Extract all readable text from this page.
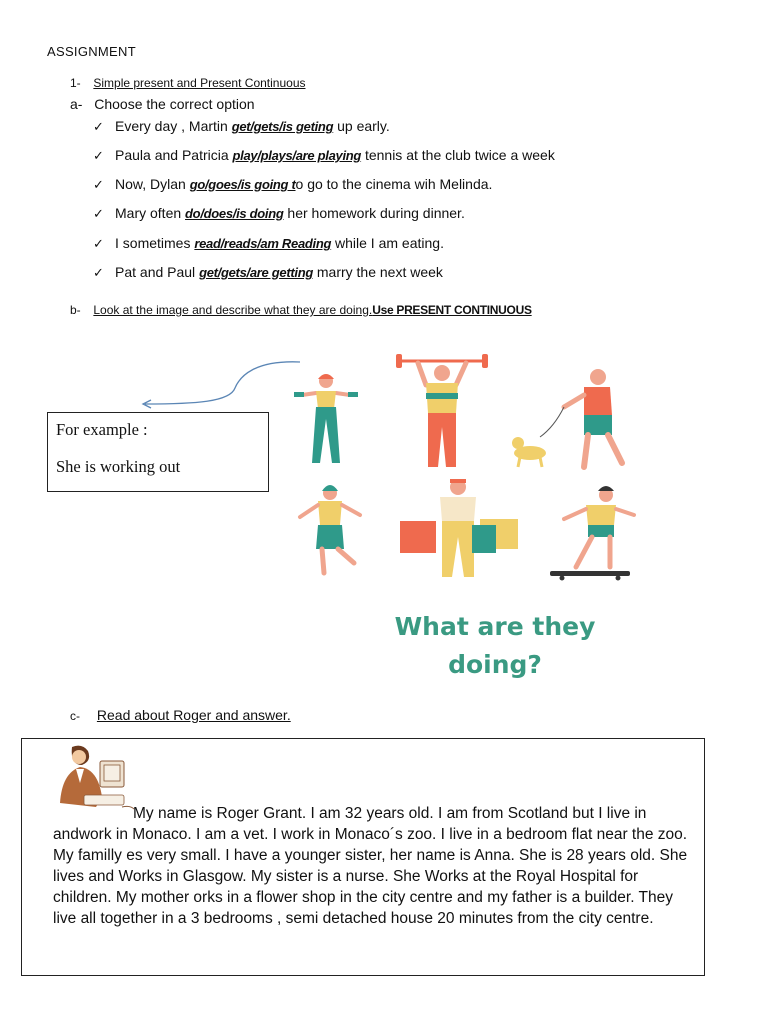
ASSIGNMENT
1- Simple present and Present Continuous
a- Choose the correct option
✓ Every day , Martin get/gets/is geting up early.
✓ Paula and Patricia play/plays/are playing tennis at the club twice a week
✓ Now, Dylan go/goes/is going to go to the cinema wih Melinda.
✓ Mary often do/does/is doing her homework during dinner.
✓ I sometimes read/reads/am Reading while I am eating.
✓ Pat and Paul get/gets/are getting marry the next week
b- Look at the image and describe what they are doing.Use PRESENT CONTINUOUS
For example :
She is working out
What are they
doing?
c- Read about Roger and answer.
My name is Roger Grant. I am 32 years old. I am from Scotland but I live in andwork in Monaco. I am a vet. I work in Monaco´s zoo. I live in a bedroom flat near the zoo. My familly es very small. I have a younger sister, her name is Anna. She is 28 years old. She lives and Works in Glasgow. My sister is a nurse. She Works at the Royal Hospital for children. My mother orks in a flower shop in the city centre and my father is a builder. They live all together in a 3 bedrooms , semi detached house 20 minutes from the city centre.
